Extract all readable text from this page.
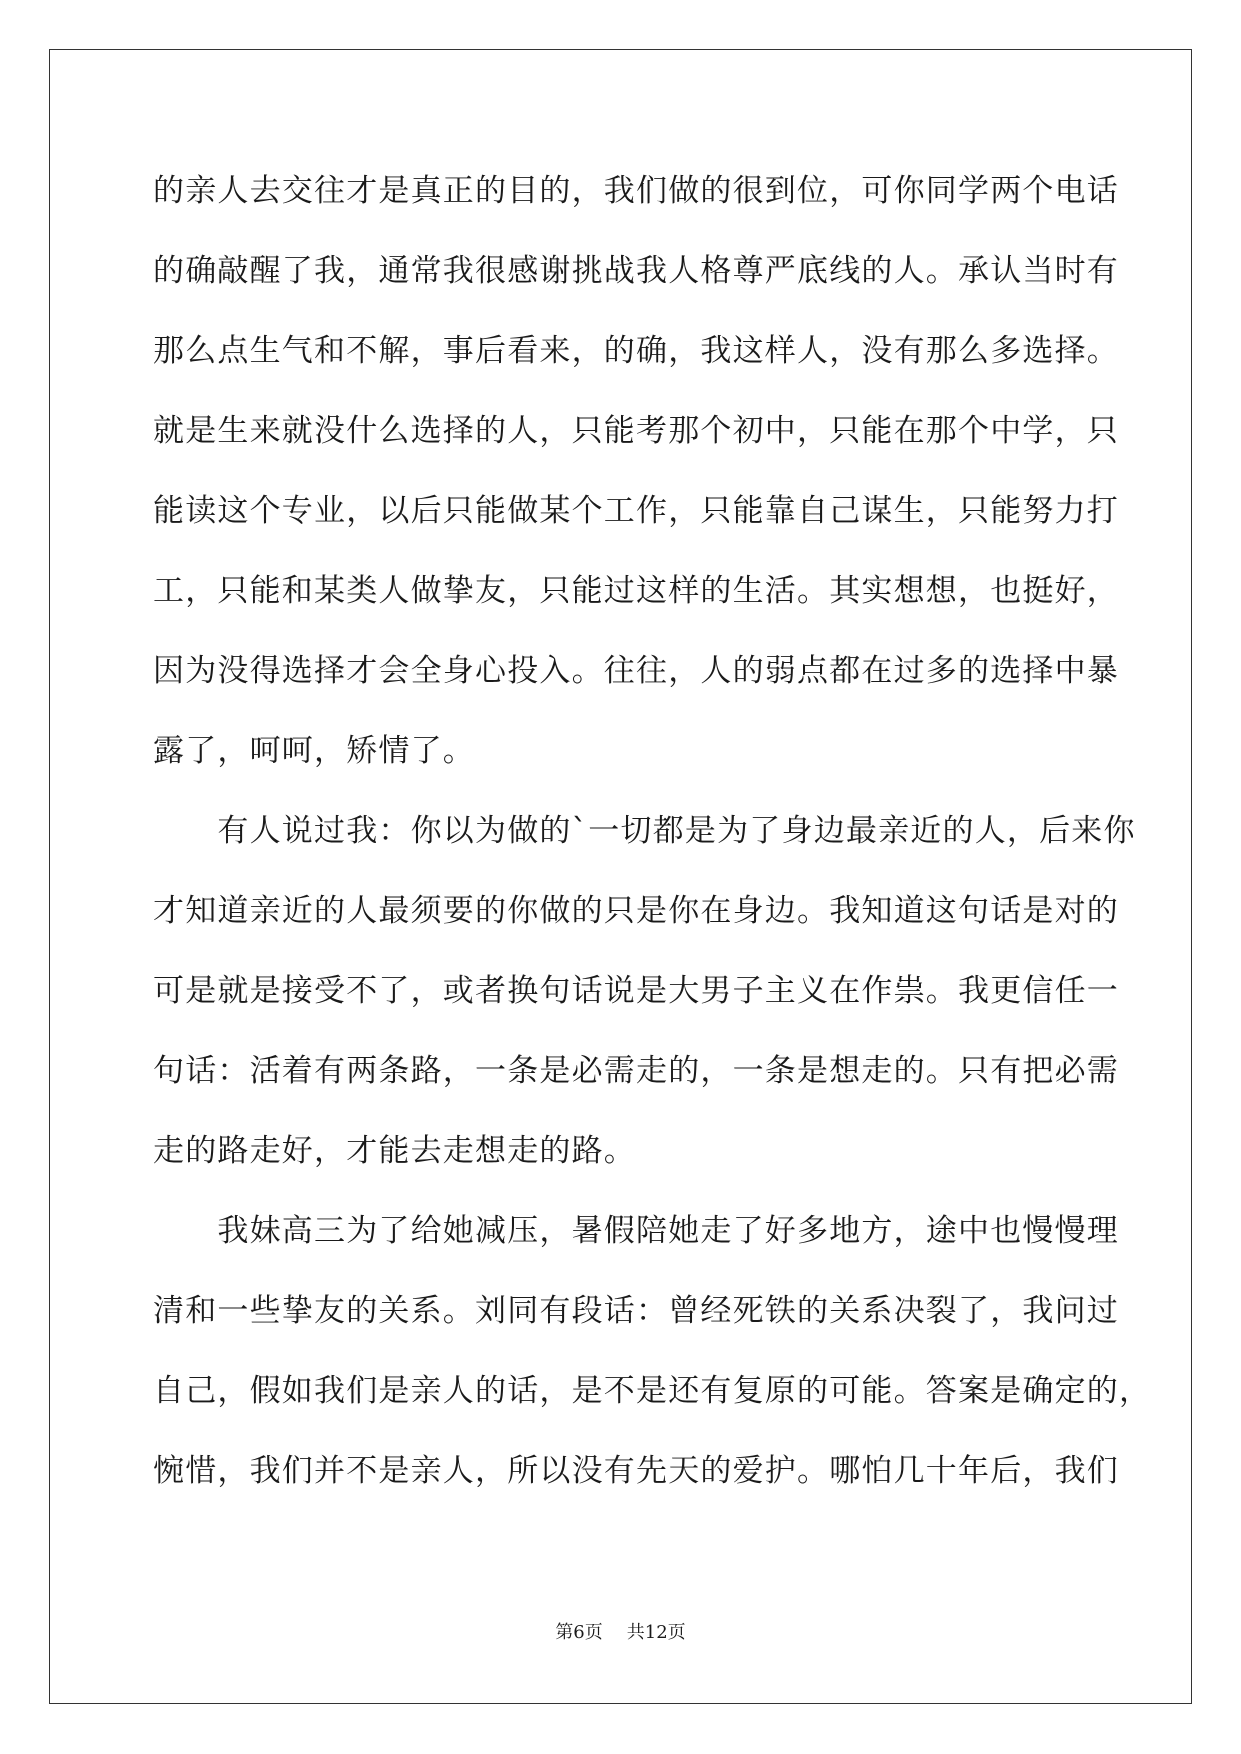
的亲人去交往才是真正的目的，我们做的很到位，可你同学两个电话
的确敲醒了我，通常我很感谢挑战我人格尊严底线的人。承认当时有
那么点生气和不解，事后看来，的确，我这样人，没有那么多选择。
就是生来就没什么选择的人，只能考那个初中，只能在那个中学，只
能读这个专业，以后只能做某个工作，只能靠自己谋生，只能努力打
工，只能和某类人做挚友，只能过这样的生活。其实想想，也挺好，
因为没得选择才会全身心投入。往往，人的弱点都在过多的选择中暴
露了，呵呵，矫情了。
　　有人说过我：你以为做的`一切都是为了身边最亲近的人，后来你
才知道亲近的人最须要的你做的只是你在身边。我知道这句话是对的
可是就是接受不了，或者换句话说是大男子主义在作祟。我更信任一
句话：活着有两条路，一条是必需走的，一条是想走的。只有把必需
走的路走好，才能去走想走的路。
　　我妹高三为了给她减压，暑假陪她走了好多地方，途中也慢慢理
清和一些挚友的关系。刘同有段话：曾经死铁的关系决裂了，我问过
自己，假如我们是亲人的话，是不是还有复原的可能。答案是确定的，
惋惜，我们并不是亲人，所以没有先天的爱护。哪怕几十年后，我们
第6页 共12页
